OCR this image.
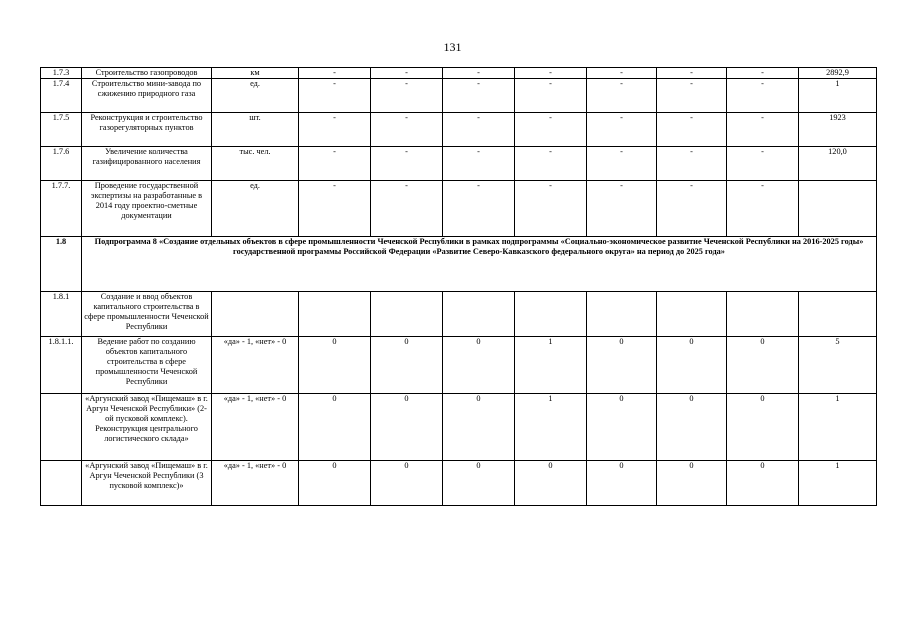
131
1.7.3	Строительство газопроводов	км	-	-	-	-	-	-	-	2892,9
1.7.4	Строительство мини-завода по сжижению природного газа	ед.	-	-	-	-	-	-	-	1
1.7.5	Реконструкция и строительство газорегуляторных пунктов	шт.	-	-	-	-	-	-	-	1923
1.7.6	Увеличение количества газифицированного населения	тыс. чел.	-	-	-	-	-	-	-	120,0
1.7.7.	Проведение государственной экспертизы на разработанные в 2014 году проектно-сметные документации	ед.	-	-	-	-	-	-	-	
1.8	Подпрограмма 8 «Создание отдельных объектов в сфере промышленности Чеченской Республики в рамках подпрограммы «Социально-экономическое развитие Чеченской Республики на 2016-2025 годы» государственной программы Российской Федерации «Развитие Северо-Кавказского федерального округа» на период до 2025 года»									
1.8.1	Создание и ввод объектов капитального строительства в сфере промышленности Чеченской Республики									
1.8.1.1.	Ведение работ по созданию объектов капитального строительства в сфере промышленности Чеченской Республики	«да» - 1, «нет» - 0	0	0	0	1	0	0	0	5
	«Аргунский завод «Пищемаш» в г. Аргун Чеченской Республики» (2-ой пусковой комплекс). Реконструкция центрального логистического склада»	«да» - 1, «нет» - 0	0	0	0	1	0	0	0	1
	«Аргунский завод «Пищемаш» в г. Аргун Чеченской Республики (3 пусковой комплекс)»	«да» - 1, «нет» - 0	0	0	0	0	0	0	0	1
